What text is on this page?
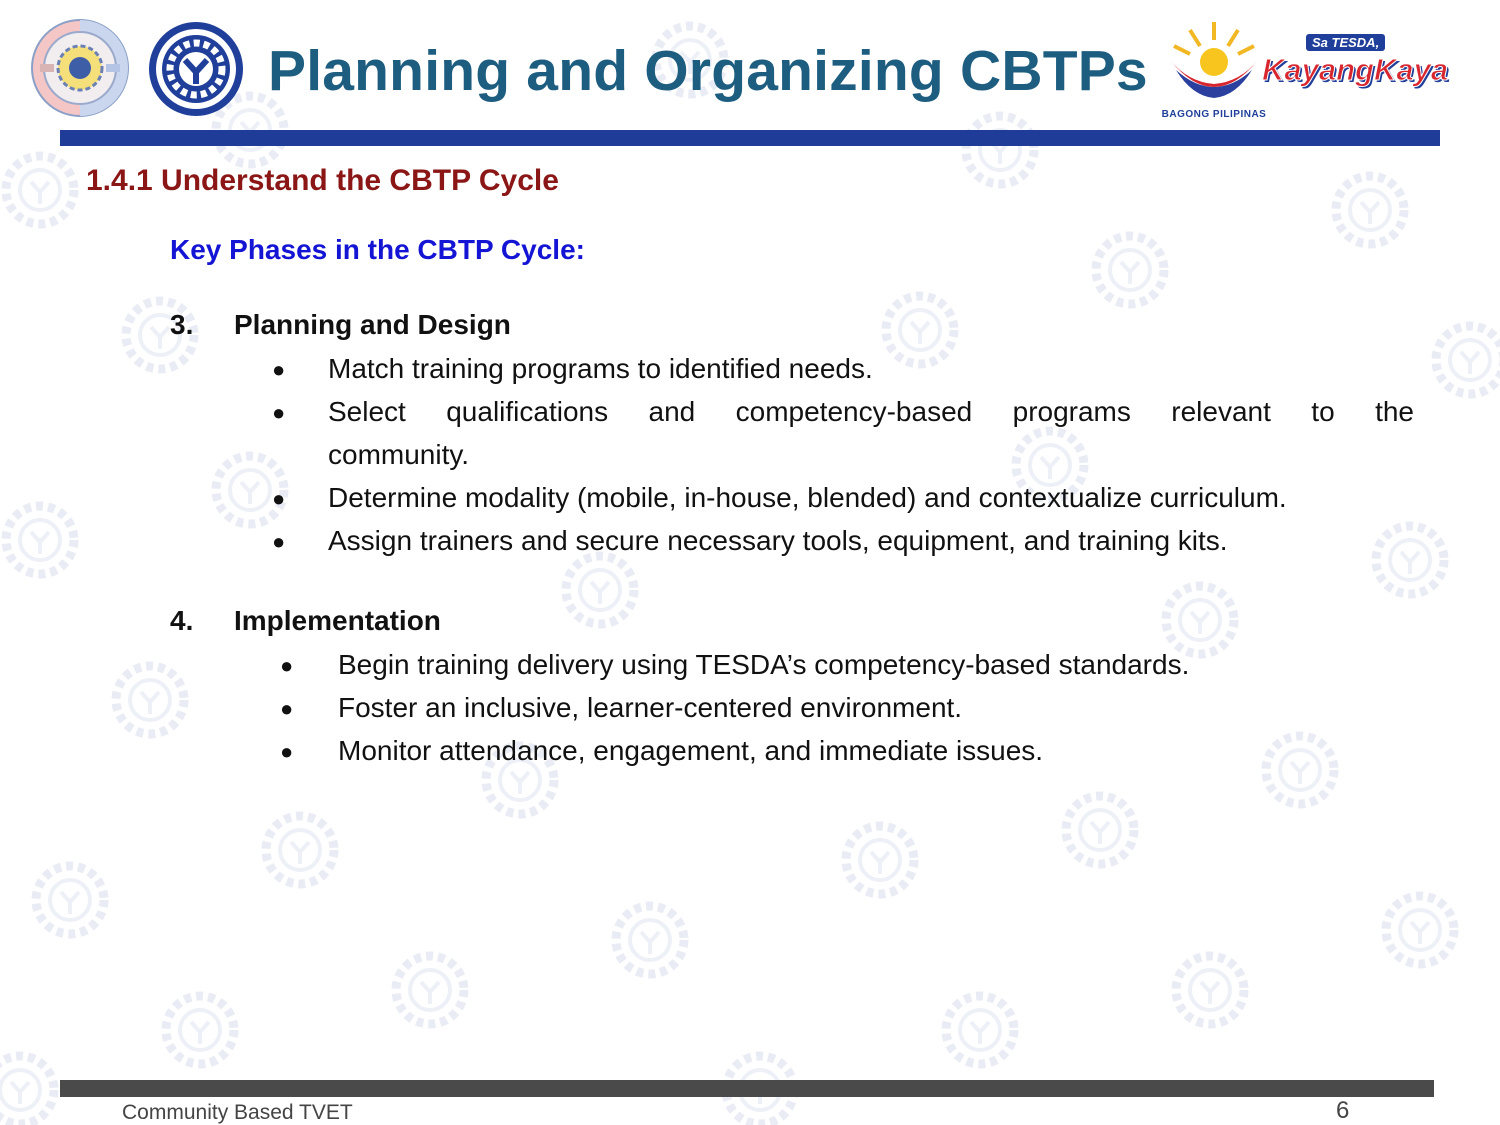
Planning and Organizing CBTPs
BAGONG PILIPINAS
Sa TESDA,
KayangKaya
1.4.1 Understand the CBTP Cycle
Key Phases in the CBTP Cycle:
3. Planning and Design
● Match training programs to identified needs.
● Select qualifications and competency-based programs relevant to the
community.
● Determine modality (mobile, in-house, blended) and contextualize curriculum.
● Assign trainers and secure necessary tools, equipment, and training kits.
4. Implementation
● Begin training delivery using TESDA’s competency-based standards.
● Foster an inclusive, learner-centered environment.
● Monitor attendance, engagement, and immediate issues.
Community Based TVET	6
